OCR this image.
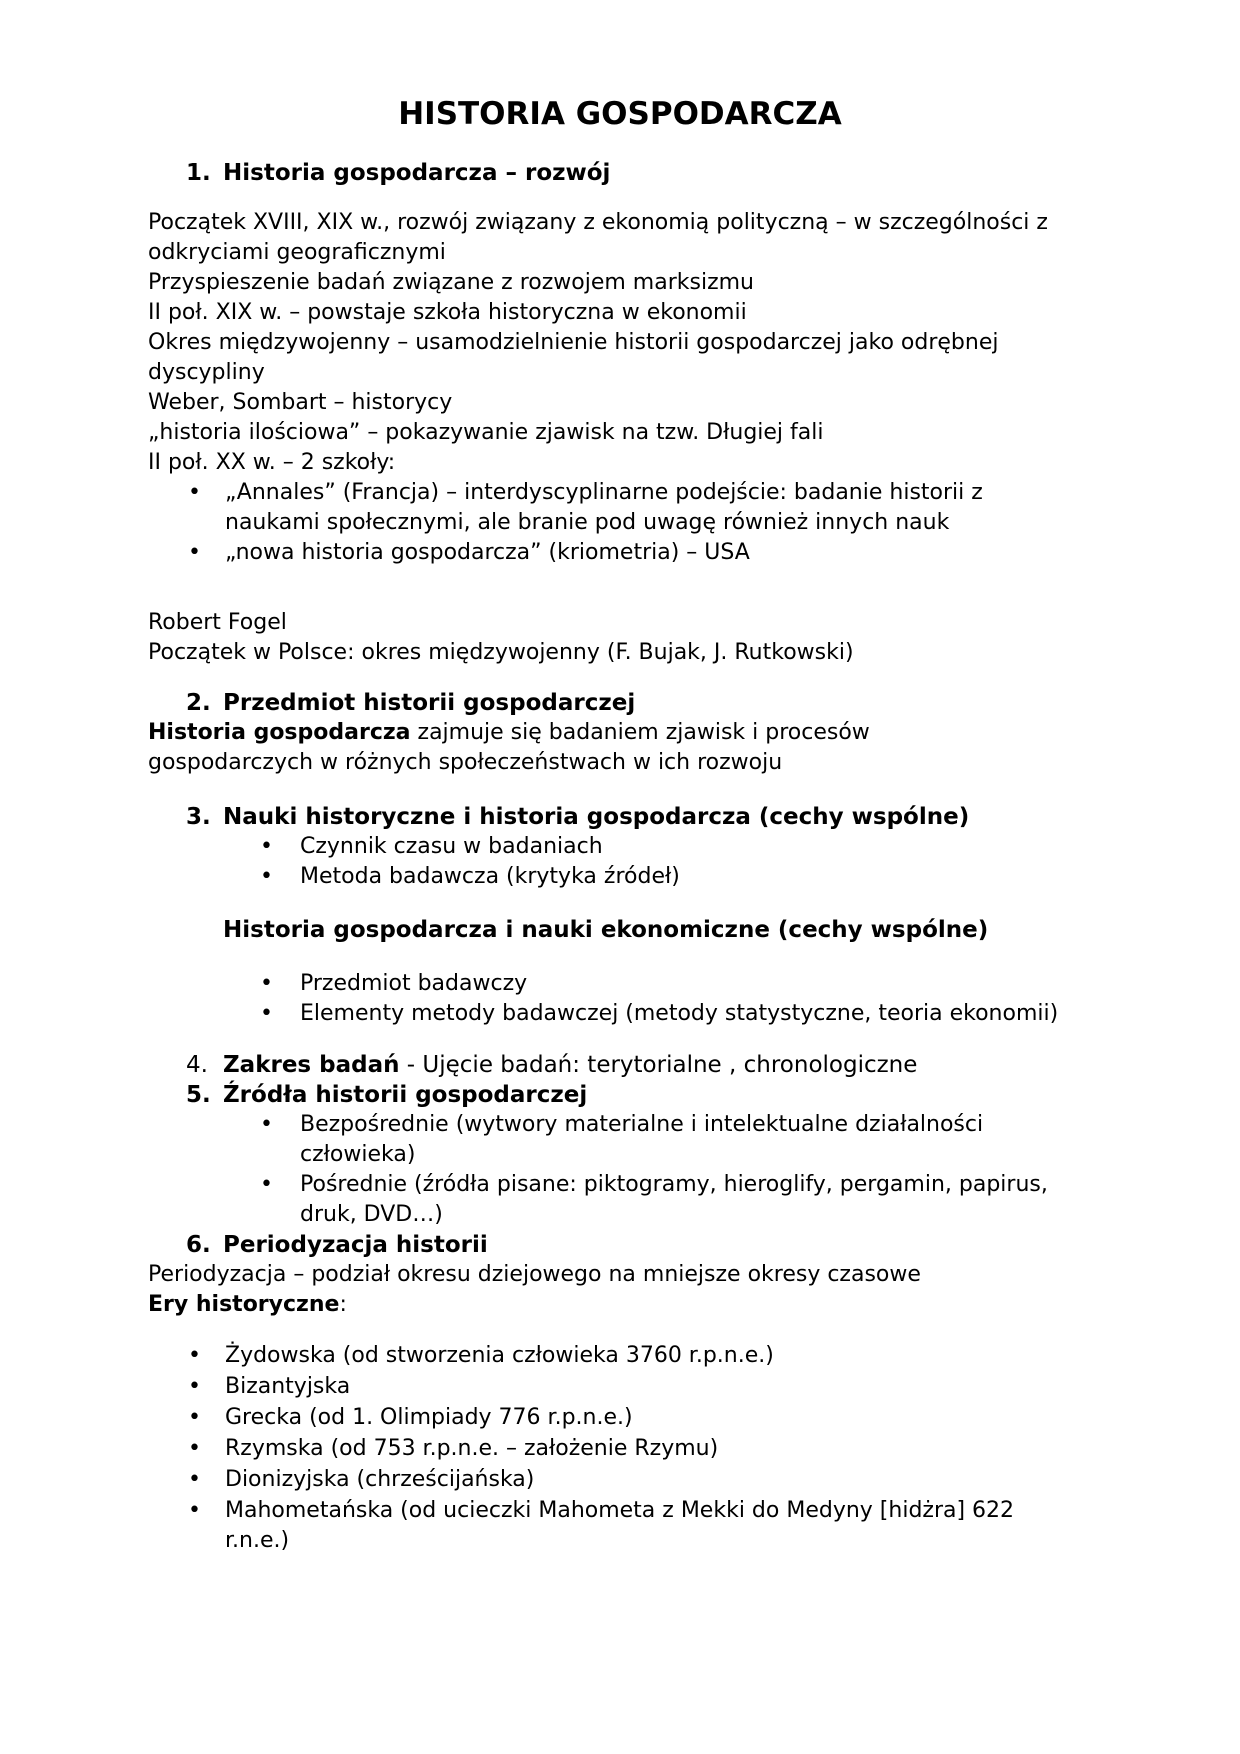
HISTORIA GOSPODARCZA
1. Historia gospodarcza – rozwój

Początek XVIII, XIX w., rozwój związany z ekonomią polityczną – w szczególności z odkryciami geograficznymi

Przyspieszenie badań związane z rozwojem marksizmu

II poł. XIX w. – powstaje szkoła historyczna w ekonomii

Okres międzywojenny – usamodzielnienie historii gospodarczej jako odrębnej dyscypliny

Weber, Sombart – historycy

„historia ilościowa” – pokazywanie zjawisk na tzw. Długiej fali

II poł. XX w. – 2 szkoły:

• „Annales” (Francja) – interdyscyplinarne podejście: badanie historii z naukami społecznymi, ale branie pod uwagę również innych nauk
• „nowa historia gospodarcza” (kriometria) – USA

Robert Fogel

Początek w Polsce: okres międzywojenny (F. Bujak, J. Rutkowski)

2. Przedmiot historii gospodarczej

Historia gospodarcza zajmuje się badaniem zjawisk i procesów gospodarczych w różnych społeczeństwach w ich rozwoju

3. Nauki historyczne i historia gospodarcza (cechy wspólne)
• Czynnik czasu w badaniach
• Metoda badawcza (krytyka źródeł)
Historia gospodarcza i nauki ekonomiczne (cechy wspólne)
• Przedmiot badawczy
• Elementy metody badawczej (metody statystyczne, teoria ekonomii)
4. Zakres badań - Ujęcie badań: terytorialne , chronologiczne
5. Źródła historii gospodarczej
• Bezpośrednie (wytwory materialne i intelektualne działalności człowieka)
• Pośrednie (źródła pisane: piktogramy, hieroglify, pergamin, papirus, druk, DVD…)
6. Periodyzacja historii

Periodyzacja – podział okresu dziejowego na mniejsze okresy czasowe

Ery historyczne:

• Żydowska (od stworzenia człowieka 3760 r.p.n.e.)
• Bizantyjska
• Grecka (od 1. Olimpiady 776 r.p.n.e.)
• Rzymska (od 753 r.p.n.e. – założenie Rzymu)
• Dionizyjska (chrześcijańska)
• Mahometańska (od ucieczki Mahometa z Mekki do Medyny [hidżra] 622 r.n.e.)
